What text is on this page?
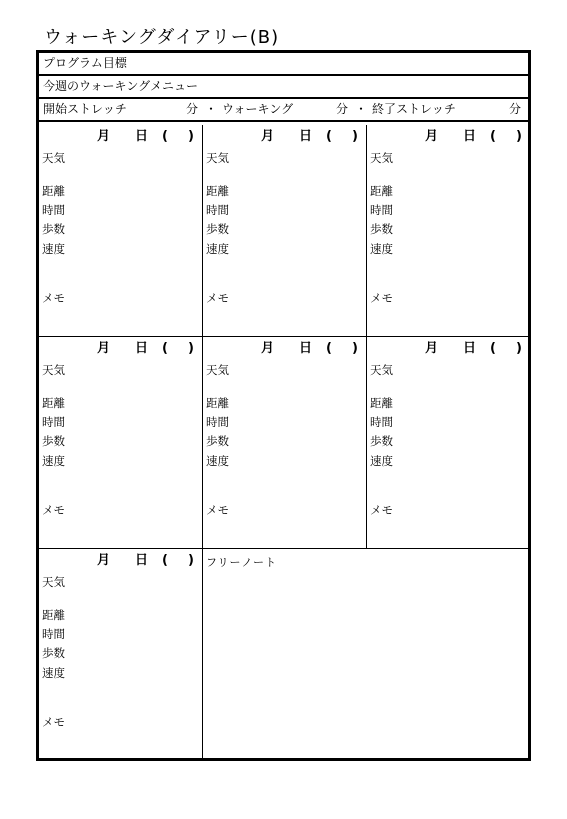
ウォーキングダイアリー(B)
プログラム目標
今週のウォーキングメニュー
開始ストレッチ	分 ・ ウォーキング	分 ・ 終了ストレッチ	分
月 日 ( )
天気
距離
時間
歩数
速度
メモ
月 日 ( )
天気
距離
時間
歩数
速度
メモ
月 日 ( )
天気
距離
時間
歩数
速度
メモ
月 日 ( )
天気
距離
時間
歩数
速度
メモ
月 日 ( )
天気
距離
時間
歩数
速度
メモ
月 日 ( )
天気
距離
時間
歩数
速度
メモ
月 日 ( )
天気
距離
時間
歩数
速度
メモ
フリーノート
